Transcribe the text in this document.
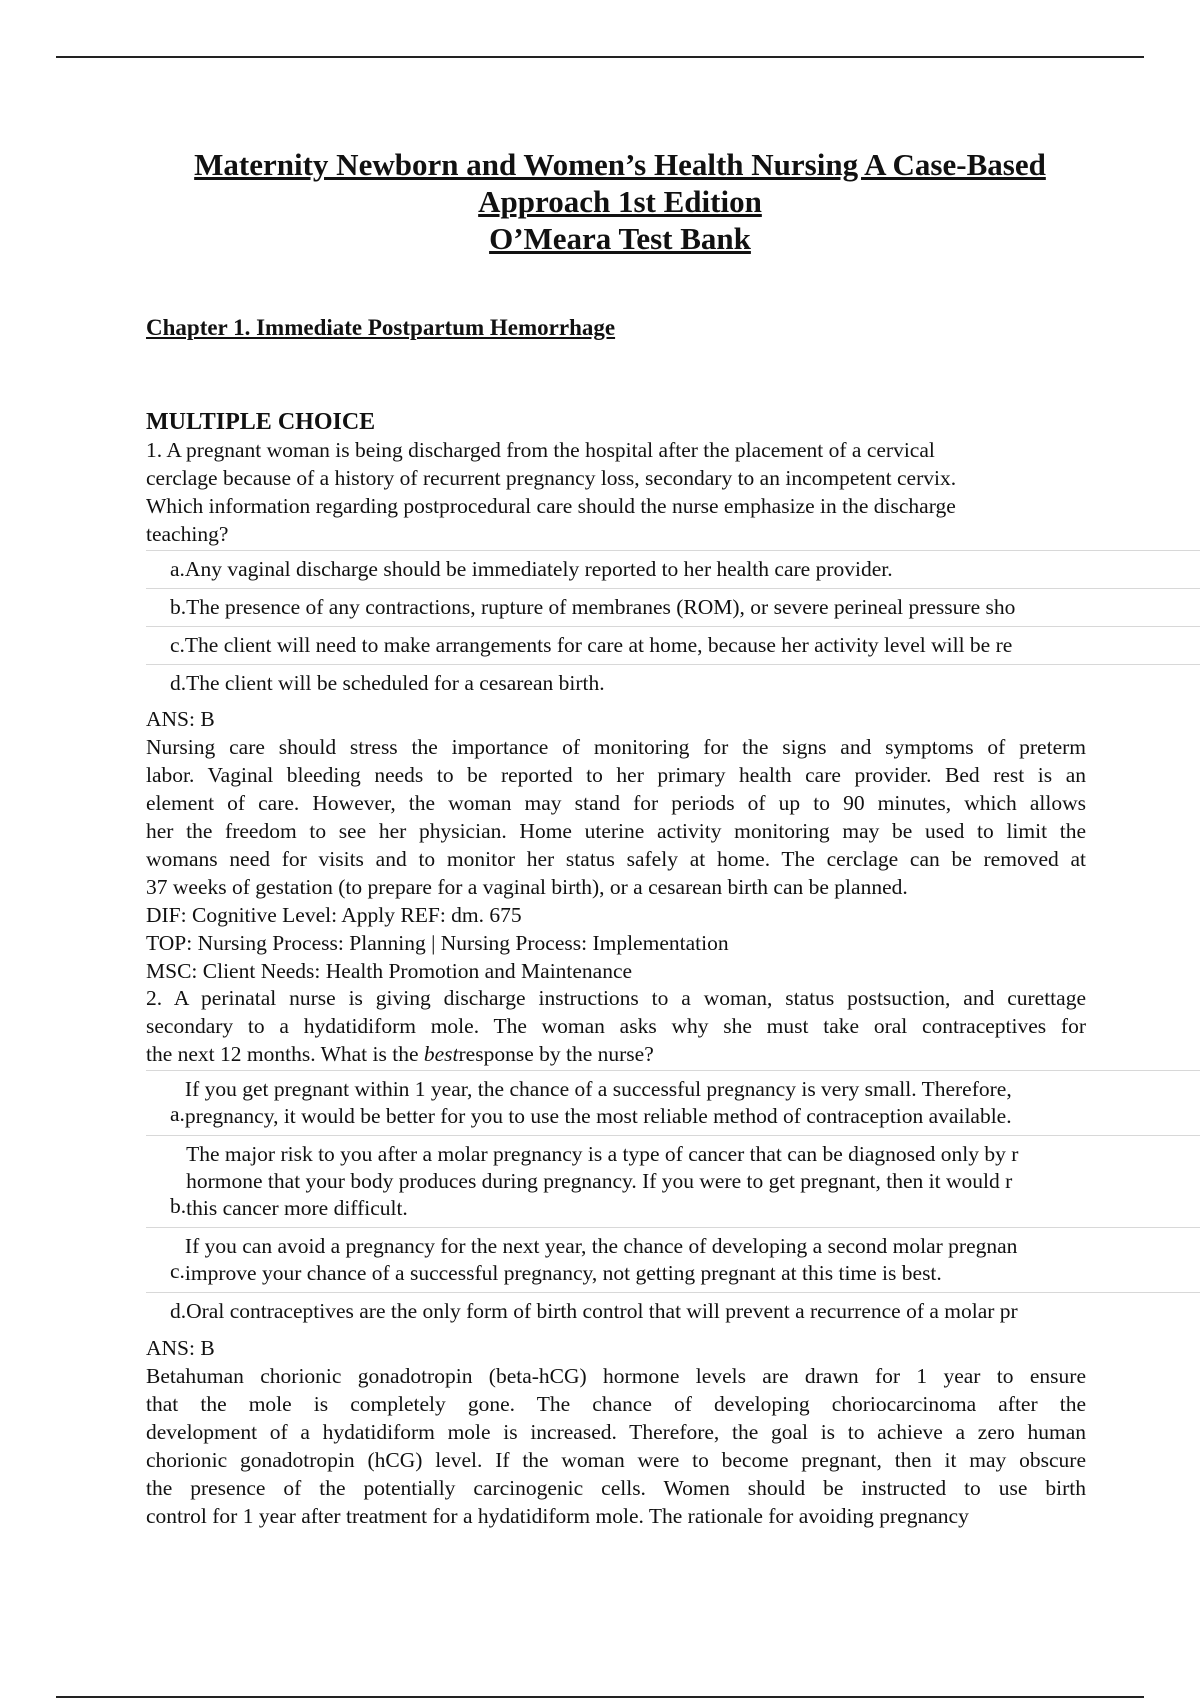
Maternity Newborn and Women’s Health Nursing A Case-Based

Approach 1st Edition

O’Meara Test Bank

Chapter 1. Immediate Postpartum Hemorrhage

MULTIPLE CHOICE

1. A pregnant woman is being discharged from the hospital after the placement of a cervical
cerclage because of a history of recurrent pregnancy loss, secondary to an incompetent cervix.
Which information regarding postprocedural care should the nurse emphasize in the discharge
teaching?

a. Any vaginal discharge should be immediately reported to her health care provider.
b. The presence of any contractions, rupture of membranes (ROM), or severe perineal pressure sho
c. The client will need to make arrangements for care at home, because her activity level will be re
d. The client will be scheduled for a cesarean birth.

ANS: B

Nursing care should stress the importance of monitoring for the signs and symptoms of preterm
labor. Vaginal bleeding needs to be reported to her primary health care provider. Bed rest is an
element of care. However, the woman may stand for periods of up to 90 minutes, which allows
her the freedom to see her physician. Home uterine activity monitoring may be used to limit the
womans need for visits and to monitor her status safely at home. The cerclage can be removed at
37 weeks of gestation (to prepare for a vaginal birth), or a cesarean birth can be planned.

DIF: Cognitive Level: Apply REF: dm. 675
TOP: Nursing Process: Planning | Nursing Process: Implementation
MSC: Client Needs: Health Promotion and Maintenance

2. A perinatal nurse is giving discharge instructions to a woman, status postsuction, and curettage
secondary to a hydatidiform mole. The woman asks why she must take oral contraceptives for
the next 12 months. What is the bestresponse by the nurse?

a.
If you get pregnant within 1 year, the chance of a successful pregnancy is very small. Therefore,
pregnancy, it would be better for you to use the most reliable method of contraception available.
b.
The major risk to you after a molar pregnancy is a type of cancer that can be diagnosed only by r
hormone that your body produces during pregnancy. If you were to get pregnant, then it would r
this cancer more difficult.
c.
If you can avoid a pregnancy for the next year, the chance of developing a second molar pregnan
improve your chance of a successful pregnancy, not getting pregnant at this time is best.
d. Oral contraceptives are the only form of birth control that will prevent a recurrence of a molar pr

ANS: B

Betahuman chorionic gonadotropin (beta-hCG) hormone levels are drawn for 1 year to ensure
that the mole is completely gone. The chance of developing choriocarcinoma after the
development of a hydatidiform mole is increased. Therefore, the goal is to achieve a zero human
chorionic gonadotropin (hCG) level. If the woman were to become pregnant, then it may obscure
the presence of the potentially carcinogenic cells. Women should be instructed to use birth
control for 1 year after treatment for a hydatidiform mole. The rationale for avoiding pregnancy
